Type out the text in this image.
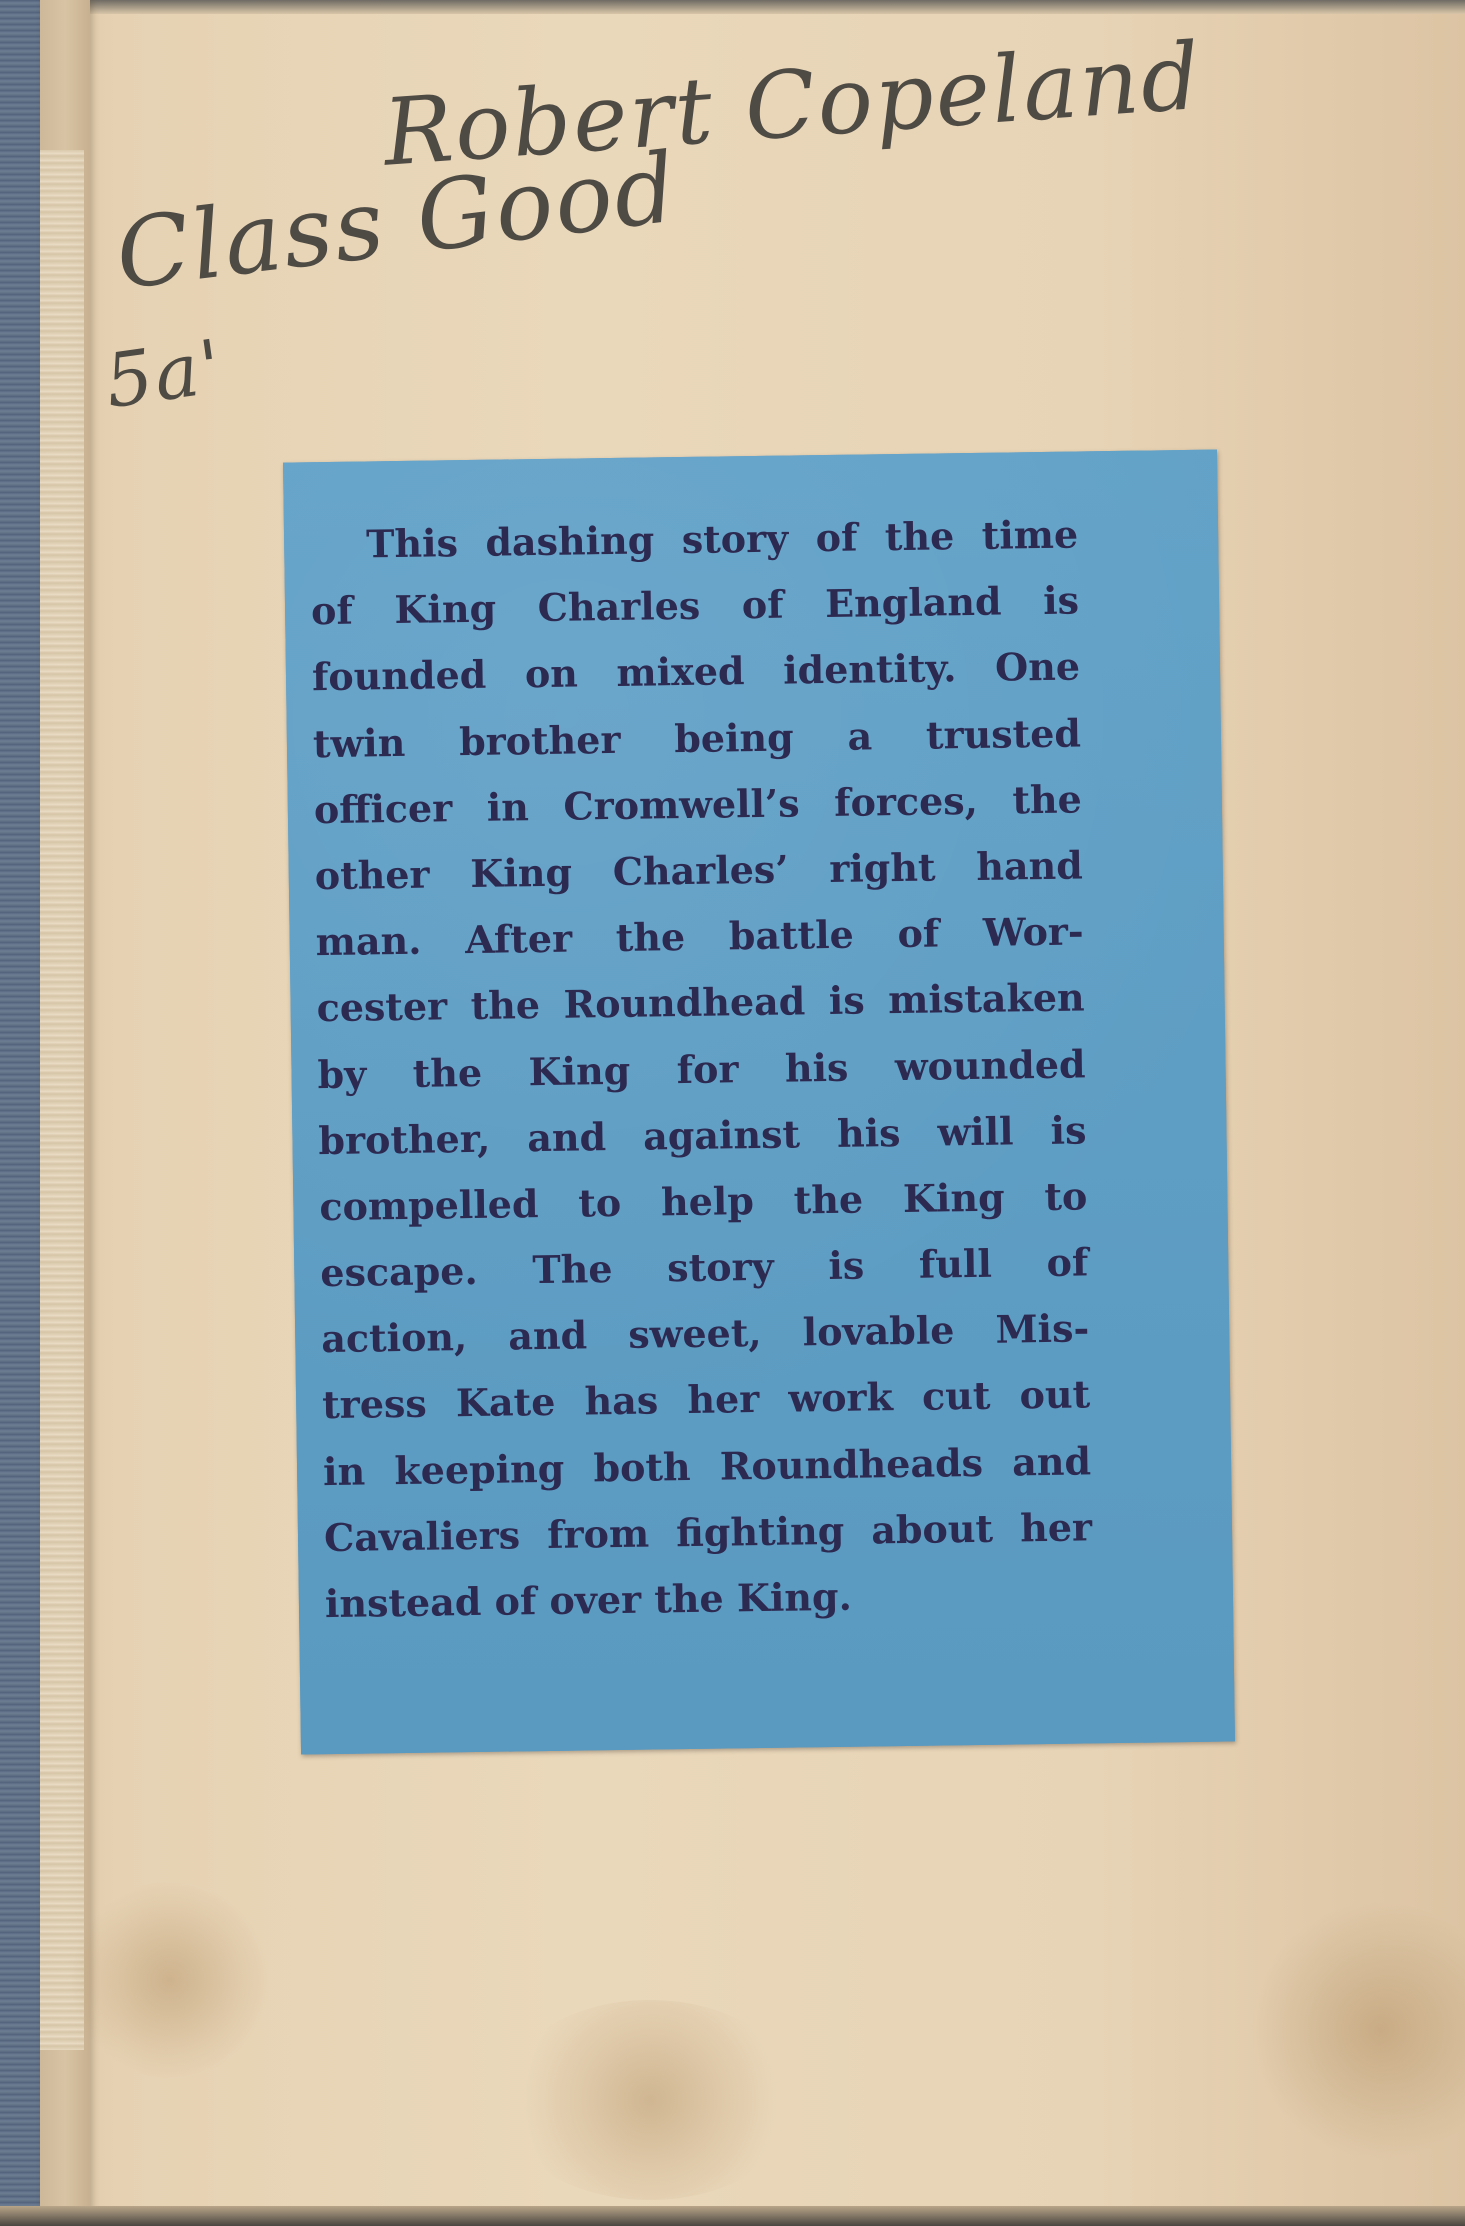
Robert Copeland
Class Good
5a'
This dashing story of the time
of King Charles of England is
founded on mixed identity. One
twin brother being a trusted
officer in Cromwell’s forces, the
other King Charles’ right hand
man. After the battle of Wor-
cester the Roundhead is mistaken
by the King for his wounded
brother, and against his will is
compelled to help the King to
escape. The story is full of
action, and sweet, lovable Mis-
tress Kate has her work cut out
in keeping both Roundheads and
Cavaliers from fighting about her
instead of over the King.
